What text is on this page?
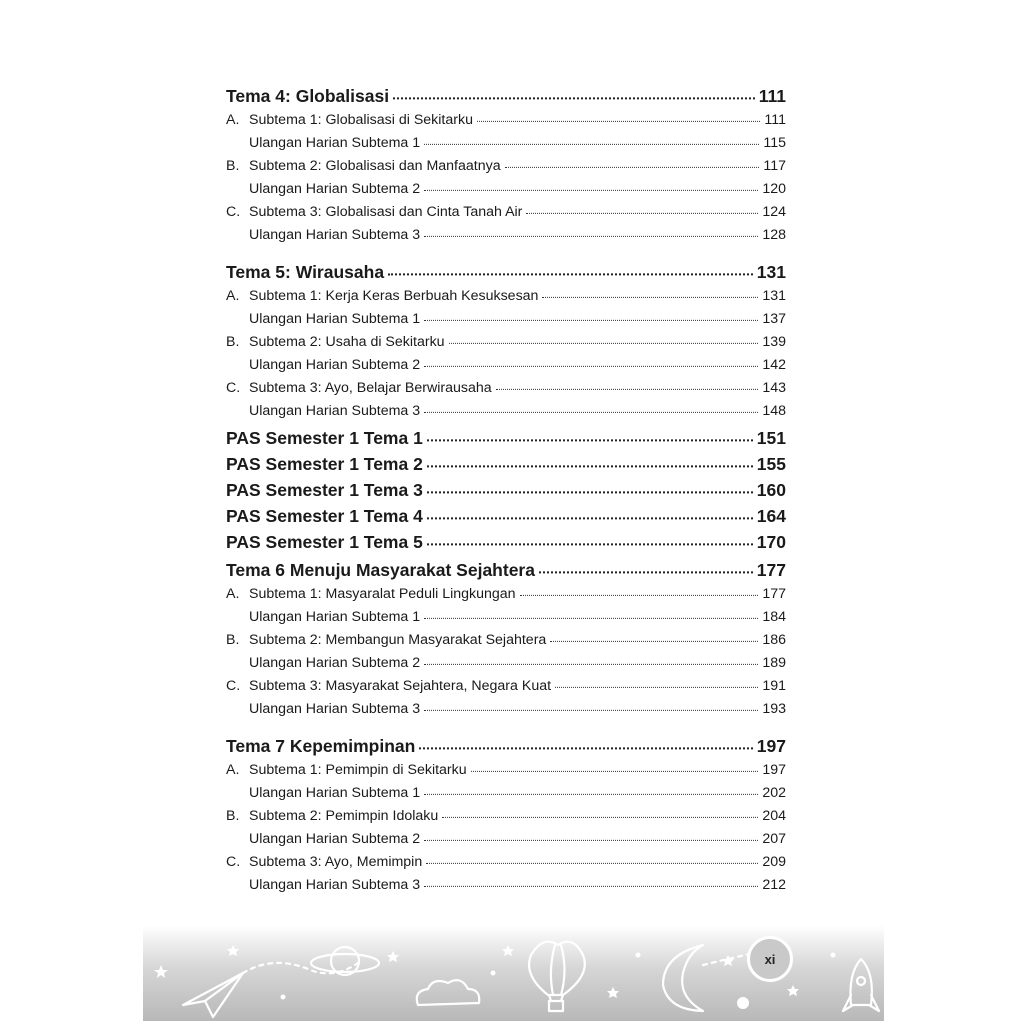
Tema 4: Globalisasi	111
A. Subtema 1: Globalisasi di Sekitarku	111
Ulangan Harian Subtema 1	115
B. Subtema 2: Globalisasi dan Manfaatnya	117
Ulangan Harian Subtema 2	120
C. Subtema 3: Globalisasi dan Cinta Tanah Air	124
Ulangan Harian Subtema 3	128
Tema 5: Wirausaha	131
A. Subtema 1: Kerja Keras Berbuah Kesuksesan	131
Ulangan Harian Subtema 1	137
B. Subtema 2: Usaha di Sekitarku	139
Ulangan Harian Subtema 2	142
C. Subtema 3: Ayo, Belajar Berwirausaha	143
Ulangan Harian Subtema 3	148
PAS Semester 1 Tema 1	151
PAS Semester 1 Tema 2	155
PAS Semester 1 Tema 3	160
PAS Semester 1 Tema 4	164
PAS Semester 1 Tema 5	170
Tema 6 Menuju Masyarakat Sejahtera	177
A. Subtema 1: Masyaralat Peduli Lingkungan	177
Ulangan Harian Subtema 1	184
B. Subtema 2: Membangun Masyarakat Sejahtera	186
Ulangan Harian Subtema 2	189
C. Subtema 3: Masyarakat Sejahtera, Negara Kuat	191
Ulangan Harian Subtema 3	193
Tema 7 Kepemimpinan	197
A. Subtema 1: Pemimpin di Sekitarku	197
Ulangan Harian Subtema 1	202
B. Subtema 2: Pemimpin Idolaku	204
Ulangan Harian Subtema 2	207
C. Subtema 3: Ayo, Memimpin	209
Ulangan Harian Subtema 3	212
xi
